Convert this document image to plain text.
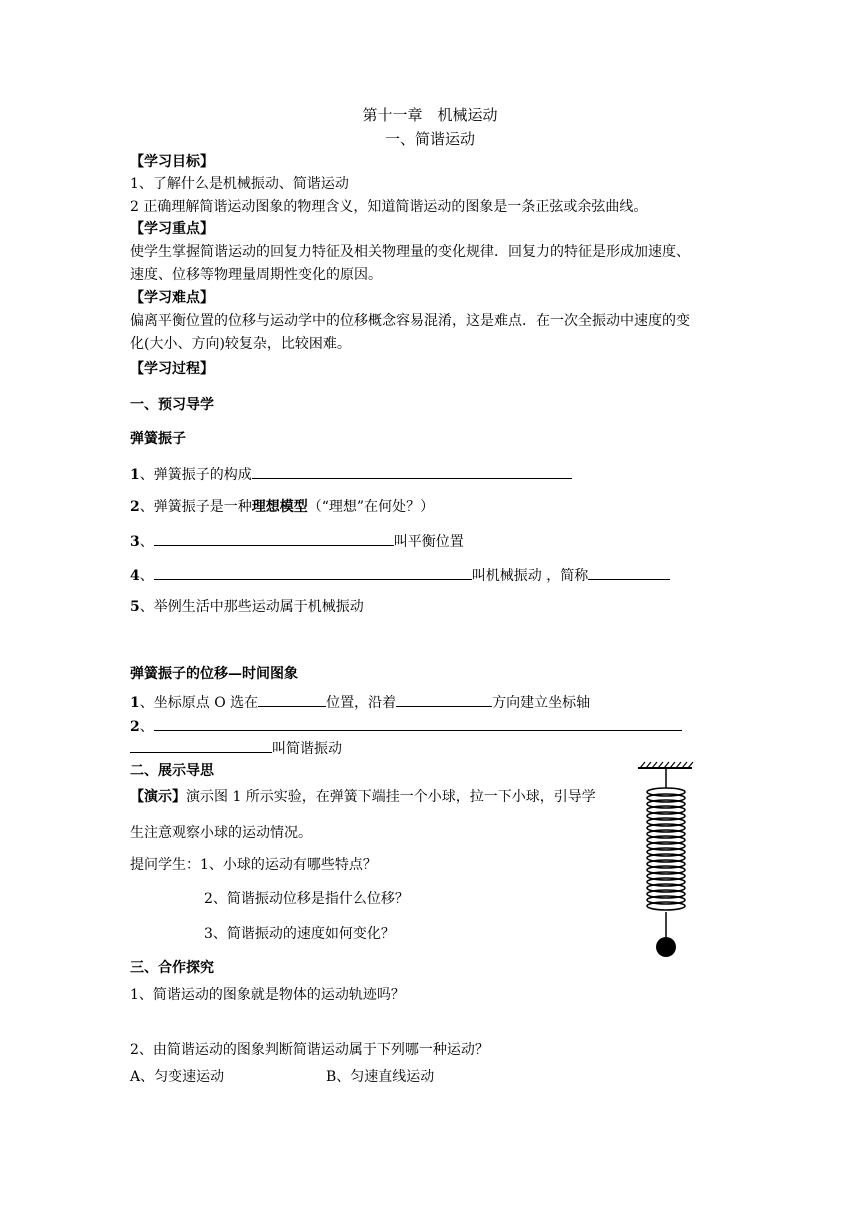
第十一章　机械运动
一、简谐运动
【学习目标】
1、了解什么是机械振动、简谐运动
2 正确理解简谐运动图象的物理含义，知道简谐运动的图象是一条正弦或余弦曲线。
【学习重点】
使学生掌握简谐运动的回复力特征及相关物理量的变化规律．回复力的特征是形成加速度、
速度、位移等物理量周期性变化的原因。
【学习难点】
偏离平衡位置的位移与运动学中的位移概念容易混淆，这是难点．在一次全振动中速度的变
化(大小、方向)较复杂，比较困难。
【学习过程】
一、预习导学
弹簧振子
1、弹簧振子的构成
2、弹簧振子是一种理想模型（“理想”在何处？）
3、	叫平衡位置
4、	叫机械振动 ，简称
5、举例生活中那些运动属于机械振动
弹簧振子的位移—时间图象
1、坐标原点 O 选在	位置，沿着	方向建立坐标轴
2、
叫简谐振动
二、展示导思
【演示】演示图 1 所示实验，在弹簧下端挂一个小球，拉一下小球，引导学
生注意观察小球的运动情况。
提问学生：1、小球的运动有哪些特点？
2、简谐振动位移是指什么位移？
3、简谐振动的速度如何变化？
三、合作探究
1、简谐运动的图象就是物体的运动轨迹吗？
2、由简谐运动的图象判断简谐运动属于下列哪一种运动？
A、匀变速运动	B、匀速直线运动
